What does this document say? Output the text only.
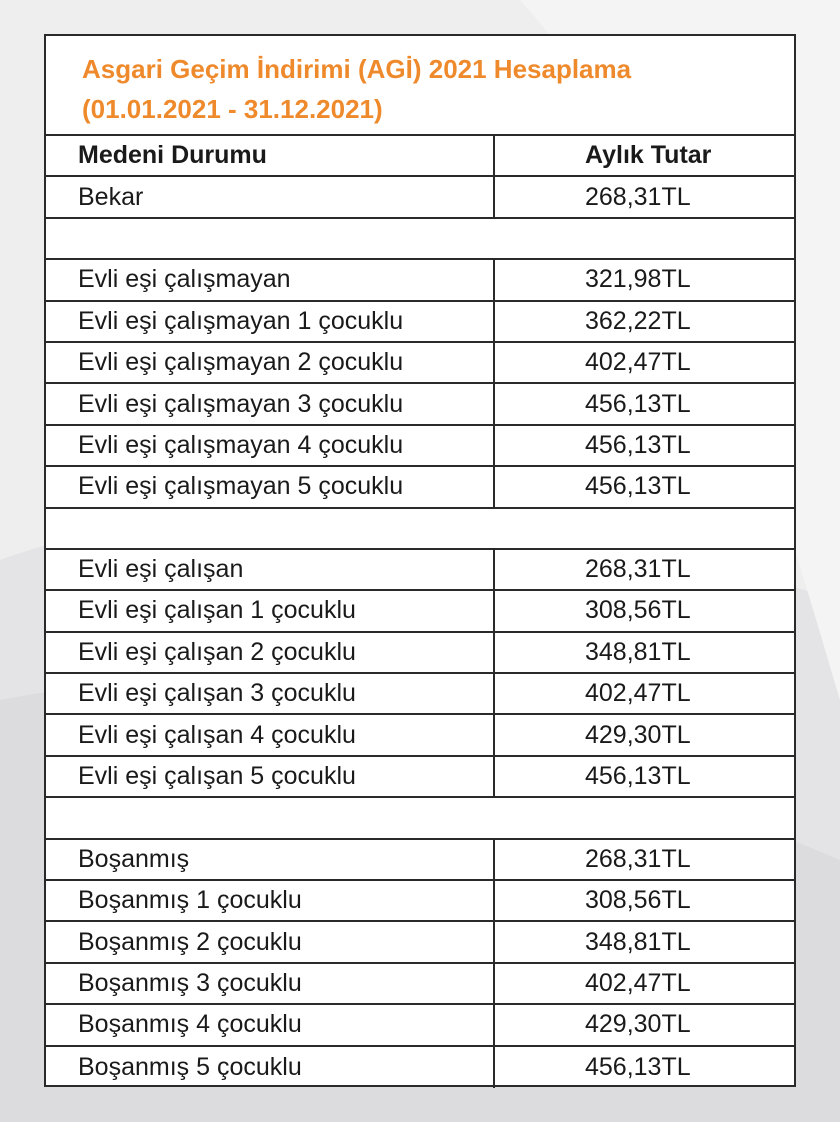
Asgari Geçim İndirimi (AGİ) 2021 Hesaplama
(01.01.2021 - 31.12.2021)
Medeni Durumu	Aylık Tutar
Bekar	268,31TL
Evli eşi çalışmayan	321,98TL
Evli eşi çalışmayan 1 çocuklu	362,22TL
Evli eşi çalışmayan 2 çocuklu	402,47TL
Evli eşi çalışmayan 3 çocuklu	456,13TL
Evli eşi çalışmayan 4 çocuklu	456,13TL
Evli eşi çalışmayan 5 çocuklu	456,13TL
Evli eşi çalışan	268,31TL
Evli eşi çalışan 1 çocuklu	308,56TL
Evli eşi çalışan 2 çocuklu	348,81TL
Evli eşi çalışan 3 çocuklu	402,47TL
Evli eşi çalışan 4 çocuklu	429,30TL
Evli eşi çalışan 5 çocuklu	456,13TL
Boşanmış	268,31TL
Boşanmış 1 çocuklu	308,56TL
Boşanmış 2 çocuklu	348,81TL
Boşanmış 3 çocuklu	402,47TL
Boşanmış 4 çocuklu	429,30TL
Boşanmış 5 çocuklu	456,13TL
